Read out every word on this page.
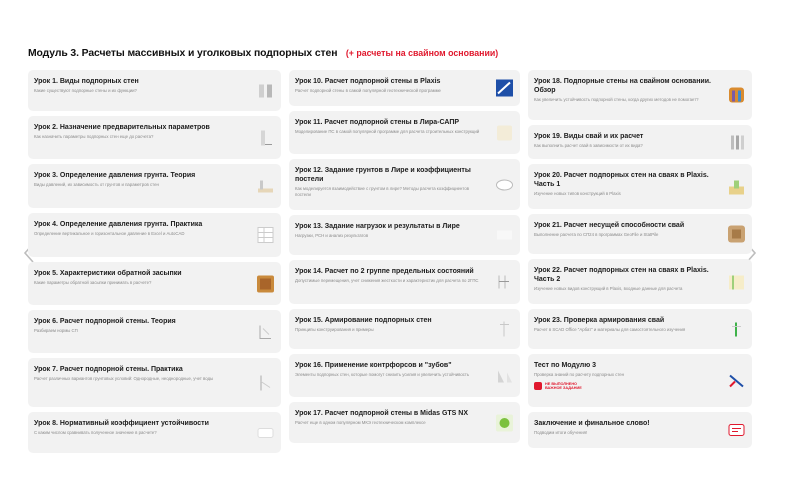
Модуль 3. Расчеты массивных и уголковых подпорных стен (+ расчеты на свайном основании)
Урок 1. Виды подпорных стен
Какие существуют подпорные стены и их функции?
Урок 2. Назначение предварительных параметров
Как назначить параметры подпорных стен еще до расчета?
Урок 3. Определение давления грунта. Теория
Виды давлений, их зависимость от грунтов и параметров стен
Урок 4. Определение давления грунта. Практика
Определение вертикальное и горизонтальное давление в Excel и AutoCAD
Урок 5. Характеристики обратной засыпки
Какие параметры обратной засыпки принимать в расчете?
Урок 6. Расчет подпорной стены. Теория
Разбираем нормы СП
Урок 7. Расчет подпорной стены. Практика
Расчет различных вариантов грунтовых условий: Однородные, неоднородные, учет воды
Урок 8. Нормативный коэффициент устойчивости
С каким числом сравнивать полученное значение в расчете?
Урок 10. Расчет подпорной стены в Plaxis
Расчет подпорной стены в самой популярной геотехнической программе
Урок 11. Расчет подпорной стены в Лира-САПР
Моделирование ПС в самой популярной программе для расчета строительных конструкций
Урок 12. Задание грунтов в Лире и коэффициенты постели
Как моделируется взаимодействие с грунтом в лире? Методы расчета коэффициентов постели
Урок 13. Задание нагрузок и результаты в Лире
Нагрузки, РСН и анализ результатов
Урок 14. Расчет по 2 группе предельных состояний
Допустимые перемещения, учет снижения жесткости и характеристик для расчета по 2ГПС
Урок 15. Армирование подпорных стен
Принципы конструирования и примеры
Урок 16. Применение контрфорсов и "зубов"
Элементы подпорных стен, которые помогут снизить усилия и увеличить устойчивость
Урок 17. Расчет подпорной стены в Midas GTS NX
Расчет еще в одном популярном МКЭ геотехническом комплексе
Урок 18. Подпорные стены на свайном основании. Обзор
Как увеличить устойчивость подпорной стены, когда других методов не помогает?
Урок 19. Виды свай и их расчет
Как выполнить расчет свай в зависимости от их вида?
Урок 20. Расчет подпорных стен на сваях в Plaxis. Часть 1
Изучение новых типов конструкций в Plaxis
Урок 21. Расчет несущей способности свай
Выполнение расчета по СП24 в программах GeoFile и StatPile
Урок 22. Расчет подпорных стен на сваях в Plaxis. Часть 2
Изучение новых видов конструкций в Plaxis, входные данные для расчета
Урок 23. Проверка армирования свай
Расчет в SCAD Office "Арбат" и материалы для самостоятельного изучения
Тест по Модулю 3
Проверка знаний по расчету подпорных стен
НЕ ВЫПОЛНЕНО
ВАЖНОЕ ЗАДАНИЕ
Заключение и финальное слово!
Подводим итоги обучения!
